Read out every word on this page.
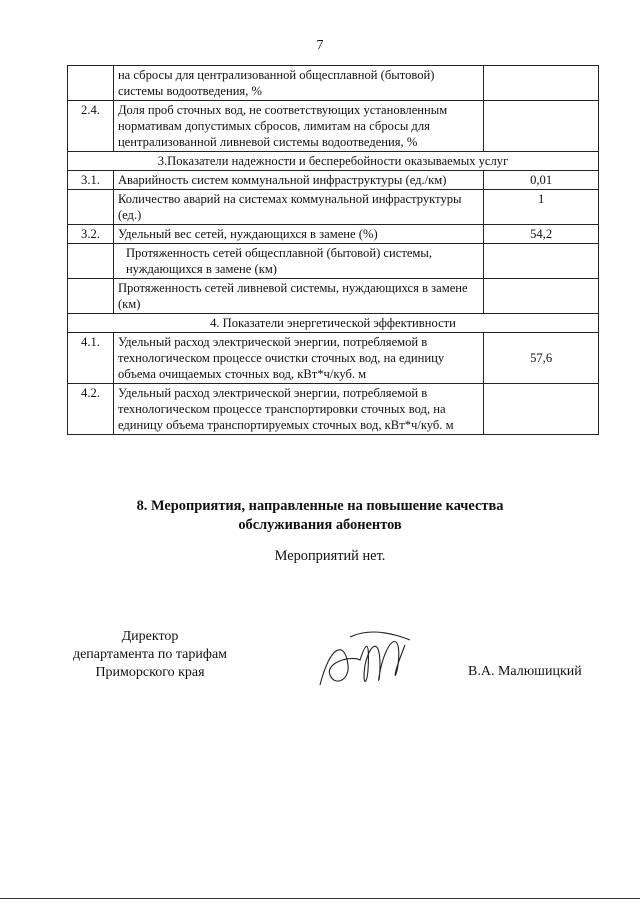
7
	на сбросы для централизованной общесплавной (бытовой) системы водоотведения, %	
2.4.	Доля проб сточных вод, не соответствующих установленным нормативам допустимых сбросов, лимитам на сбросы для централизованной ливневой системы водоотведения, %	
3.Показатели надежности и бесперебойности оказываемых услуг		
3.1.	Аварийность систем коммунальной инфраструктуры (ед./км)	0,01
	Количество аварий на системах коммунальной инфраструктуры (ед.)	1
3.2.	Удельный вес сетей, нуждающихся в замене (%)	54,2
	Протяженность сетей общесплавной (бытовой) системы, нуждающихся в замене (км)	
	Протяженность сетей ливневой системы, нуждающихся в замене (км)	
4. Показатели энергетической эффективности		
4.1.	Удельный расход электрической энергии, потребляемой в технологическом процессе очистки сточных вод, на единицу объема очищаемых сточных вод, кВт*ч/куб. м	57,6
4.2.	Удельный расход электрической энергии, потребляемой в технологическом процессе транспортировки сточных вод, на единицу объема транспортируемых сточных вод, кВт*ч/куб. м	
8. Мероприятия, направленные на повышение качества
обслуживания абонентов
Мероприятий нет.
Директор
департамента по тарифам
Приморского края	В.А. Малюшицкий
